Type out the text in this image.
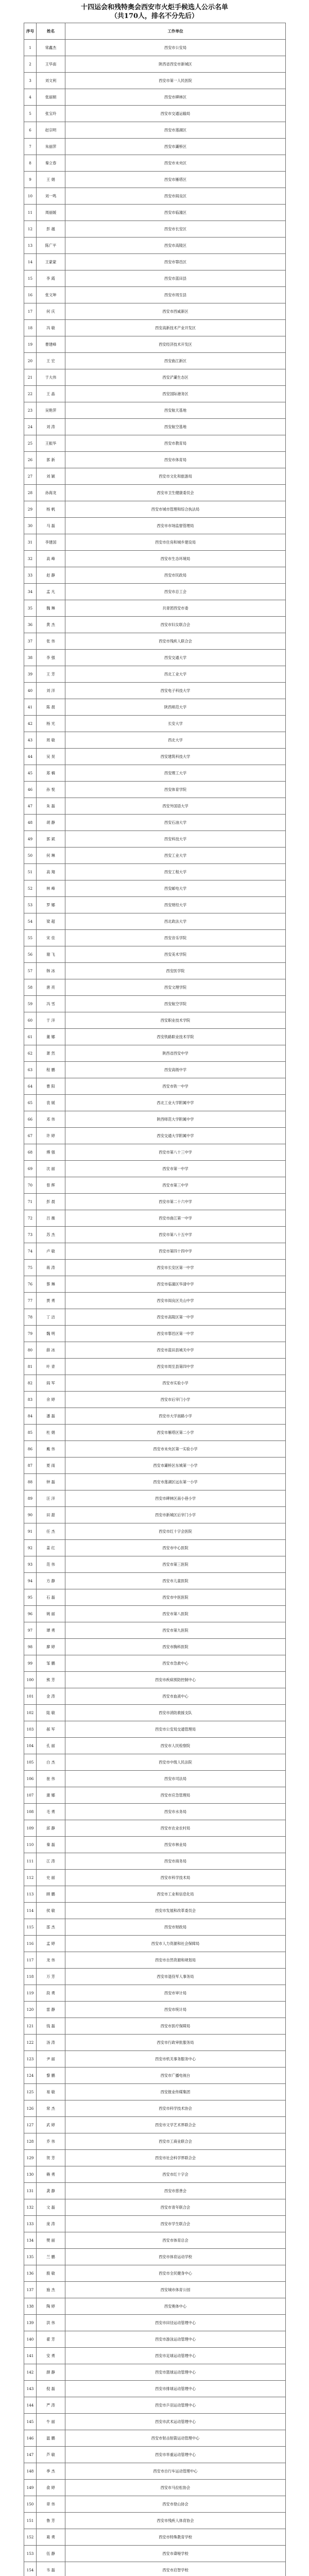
十四运会和残特奥会西安市火炬手候选人公示名单
（共170人，排名不分先后）
序号	姓名	工作单位
1	常鑫杰	西安市公安局
2	王华南	陕西省西安市新城区
3	刘文利	西安市第一人民医院
4	张丽娟	西安市碑林区
5	张宝玲	西安市交通运输局
6	赵宗明	西安市莲湖区
7	朱丽萍	西安市灞桥区
8	秦立春	西安市未央区
9	王 娟	西安市雁塔区
10	刘一鸣	西安市阎良区
11	周丽媛	西安市临潼区
12	彭 越	西安市长安区
13	陈广平	西安市高陵区
14	王蒙蒙	西安市鄠邑区
15	李 霞	西安市蓝田县
16	张文坤	西安市周至县
17	何 庆	西安市西咸新区
18	冯 敏	西安高新技术产业开发区
19	曹建峰	西安经济技术开发区
20	王 宏	西安曲江新区
21	于大伟	西安浐灞生态区
22	王 晶	西安国际港务区
23	吴艳萍	西安航天基地
24	刘 涛	西安航空基地
25	王振华	西安市教育局
26	郭 新	西安市体育局
27	刘 颖	西安市文化和旅游局
28	孙海龙	西安市卫生健康委员会
29	杨 帆	西安市城市管理和综合执法局
30	马 磊	西安市市场监督管理局
31	李建国	西安市住房和城乡建设局
32	高 峰	西安市生态环境局
33	赵 静	西安市民政局
34	孟 凡	西安市总工会
35	魏 琳	共青团西安市委
36	黄 杰	西安市妇女联合会
37	张 伟	西安市残疾人联合会
38	李 强	西安交通大学
39	王 芳	西北工业大学
40	刘 洋	西安电子科技大学
41	陈 晨	陕西师范大学
42	杨 光	长安大学
43	周 敏	西北大学
44	吴 昊	西安建筑科技大学
45	郑 楠	西安理工大学
46	孙 悦	西安体育学院
47	朱 磊	西安外国语大学
48	胡 静	西安石油大学
49	郭 斌	西安科技大学
50	何 琳	西安工业大学
51	高 翔	西安工程大学
52	林 峰	西安邮电大学
53	罗 娜	西安财经大学
54	梁 超	西北政法大学
55	宋 佳	西安音乐学院
56	谢 飞	西安美术学院
57	韩 冰	西安医学院
58	唐 亮	西安文理学院
59	冯 雪	西安航空学院
60	于 洋	西安职业技术学院
61	董 娜	西安铁路职业技术学院
62	萧 然	陕西省西安中学
63	程 鹏	西安高级中学
64	曹 阳	西安市铁一中学
65	袁 媛	西北工业大学附属中学
66	邓 伟	陕西师范大学附属中学
67	许 婷	西安交通大学附属中学
68	傅 强	西安市第八十三中学
69	沈 丽	西安市第一中学
70	曾 辉	西安市第三中学
71	彭 晨	西安市第二十六中学
72	吕 薇	西安市曲江第一中学
73	苏 杰	西安市第八十五中学
74	卢 敏	西安市第四十四中学
75	蒋 涛	西安市长安区第一中学
76	蔡 琳	西安市临潼区华清中学
77	贾 勇	西安市阎良区关山中学
78	丁 洁	西安市高陵区第一中学
79	魏 明	西安市鄠邑区第一中学
80	薛 冰	西安市蓝田县城关中学
81	叶 青	西安市周至县第四中学
82	阎 军	西安市实验小学
83	余 婷	西安市后宰门小学
84	潘 磊	西安市大学南路小学
85	杜 娟	西安市雁塔区第二小学
86	戴 伟	西安市未央区第一实验小学
87	夏 雨	西安市灞桥区东城第一小学
88	钟 磊	西安市莲湖区远东第一小学
89	汪 洋	西安市碑林区南小巷小学
90	田 甜	西安市新城区后宰门小学
91	任 杰	西安市红十字会医院
92	姜 红	西安市中心医院
93	范 伟	西安市第三医院
94	方 静	西安市儿童医院
95	石 磊	西安市中医医院
96	姚 丽	西安市第八医院
97	谭 勇	西安市第九医院
98	廖 婷	西安市胸科医院
99	邹 鹏	西安市急救中心
100	熊 芳	西安市疾病预防控制中心
101	金 涛	西安市血液中心
102	陆 敏	西安市消防救援支队
103	郝 军	西安市公安局交通管理局
104	孔 丽	西安市人民检察院
105	白 杰	西安市中级人民法院
106	崔 伟	西安市司法局
107	康 娜	西安市应急管理局
108	毛 勇	西安市水务局
109	邱 静	西安市农业农村局
110	秦 磊	西安市林业局
111	江 涛	西安市商务局
112	史 丽	西安市科学技术局
113	顾 鹏	西安市工业和信息化局
114	侯 敏	西安市发展和改革委员会
115	邵 杰	西安市财政局
116	孟 婷	西安市人力资源和社会保障局
117	龙 伟	西安市自然资源和规划局
118	万 芳	西安市退役军人事务局
119	段 勇	西安市审计局
120	雷 静	西安市统计局
121	钱 磊	西安市医疗保障局
122	汤 涛	西安市行政审批服务局
123	尹 丽	西安市机关事务服务中心
124	黎 鹏	西安市广播电视台
125	易 敏	西安报业传媒集团
126	常 杰	西安市科学技术协会
127	武 婷	西安市文学艺术界联合会
128	乔 伟	西安市工商业联合会
129	贺 芳	西安市社会科学界联合会
130	赖 勇	西安市红十字会
131	龚 静	西安市慈善会
132	文 磊	西安市青年联合会
133	庞 涛	西安市学生联合会
134	樊 丽	西安市体育总会
135	兰 鹏	西安市体育运动学校
136	殷 敏	西安市全民健身中心
137	施 杰	西安城市体育公园
138	陶 婷	西安奥体中心
139	洪 伟	西安市田径运动管理中心
140	翟 芳	西安市游泳运动管理中心
141	安 勇	西安市足球运动管理中心
142	颜 静	西安市篮球运动管理中心
143	倪 磊	西安市排球运动管理中心
144	严 涛	西安市乒羽运动管理中心
145	牛 丽	西安市武术运动管理中心
146	温 鹏	西安市射击射箭运动管理中心
147	芦 敏	西安市举重运动管理中心
148	季 杰	西安市自行车运动管理中心
149	俞 婷	西安市马拉松协会
150	章 伟	西安市登山协会
151	鲁 芳	西安市残疾人体育协会
152	葛 勇	西安市特殊教育学校
153	伍 静	西安市聋哑学校
154	韦 磊	西安市启智学校
